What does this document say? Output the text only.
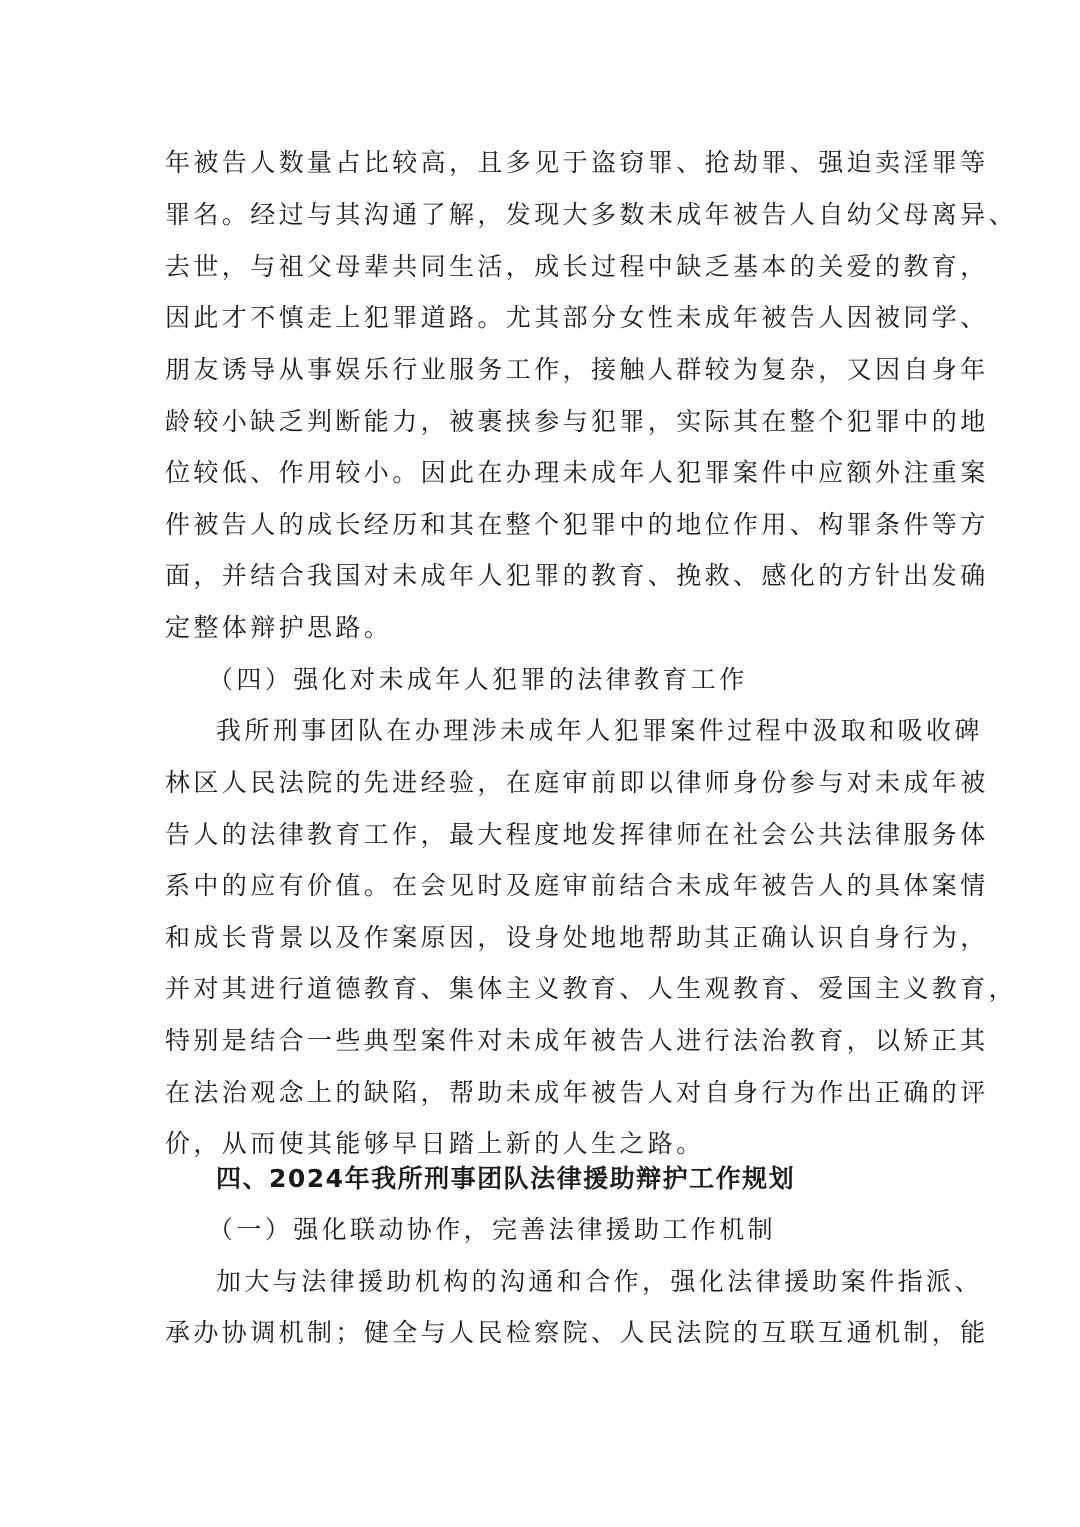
年被告人数量占比较高，且多见于盗窃罪、抢劫罪、强迫卖淫罪等
罪名。经过与其沟通了解，发现大多数未成年被告人自幼父母离异、
去世，与祖父母辈共同生活，成长过程中缺乏基本的关爱的教育，
因此才不慎走上犯罪道路。尤其部分女性未成年被告人因被同学、
朋友诱导从事娱乐行业服务工作，接触人群较为复杂，又因自身年
龄较小缺乏判断能力，被裹挟参与犯罪，实际其在整个犯罪中的地
位较低、作用较小。因此在办理未成年人犯罪案件中应额外注重案
件被告人的成长经历和其在整个犯罪中的地位作用、构罪条件等方
面，并结合我国对未成年人犯罪的教育、挽救、感化的方针出发确
定整体辩护思路。
（四）强化对未成年人犯罪的法律教育工作
我所刑事团队在办理涉未成年人犯罪案件过程中汲取和吸收碑
林区人民法院的先进经验，在庭审前即以律师身份参与对未成年被
告人的法律教育工作，最大程度地发挥律师在社会公共法律服务体
系中的应有价值。在会见时及庭审前结合未成年被告人的具体案情
和成长背景以及作案原因，设身处地地帮助其正确认识自身行为，
并对其进行道德教育、集体主义教育、人生观教育、爱国主义教育，
特别是结合一些典型案件对未成年被告人进行法治教育，以矫正其
在法治观念上的缺陷，帮助未成年被告人对自身行为作出正确的评
价，从而使其能够早日踏上新的人生之路。
四、2024年我所刑事团队法律援助辩护工作规划
（一）强化联动协作，完善法律援助工作机制
加大与法律援助机构的沟通和合作，强化法律援助案件指派、
承办协调机制；健全与人民检察院、人民法院的互联互通机制，能
